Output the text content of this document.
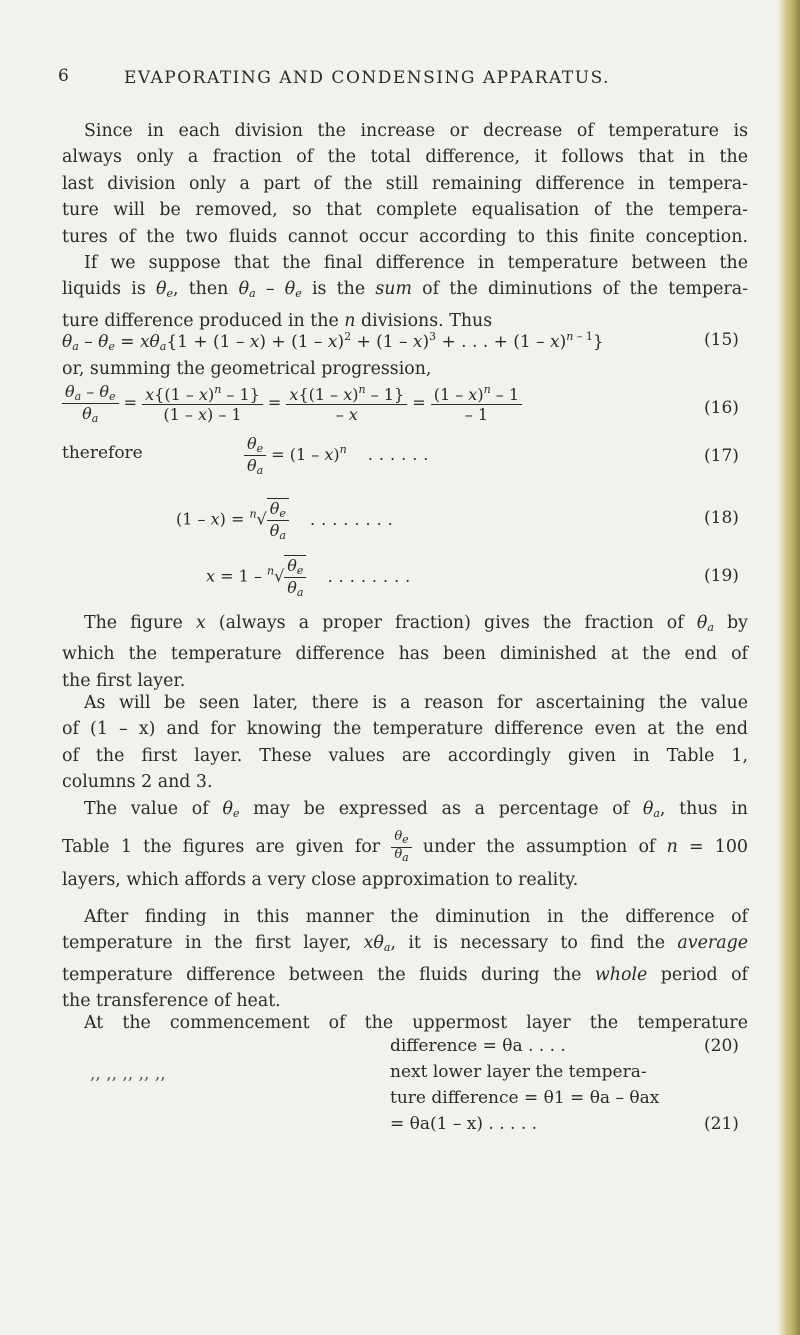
6	EVAPORATING AND CONDENSING APPARATUS.
Since in each division the increase or decrease of temperature is
always only a fraction of the total difference, it follows that in the
last division only a part of the still remaining difference in tempera-
ture will be removed, so that complete equalisation of the tempera-
tures of the two fluids cannot occur according to this finite conception.
If we suppose that the final difference in temperature between the
liquids is $\theta_e$, then $\theta_a - \theta_e$ is the sum of the diminutions of the tempera-
ture difference produced in the n divisions. Thus
$\theta_a - \theta_e = x\theta_a\{1 + (1 - x) + (1 - x)^2 + (1 - x)^3$ + . . . + (1 – x)$^{n - 1}$}	(15)
or, summing the geometrical progression,
$\frac{\theta_a - \theta_e}{\theta_a} = \frac{x\{(1 - x)^n - 1\}}{(1 - x) - 1} = \frac{x\{(1 - x)^n - 1\}}{- x} = \frac{(1 - x)^n - 1}{- 1}$	(16)
therefore	$\frac{\theta_e}{\theta_a} = (1 - x)^n$ ......	(17)
$(1 - x) = ^n√ \frac{\theta_e}{\theta_a}$ ........	(18)
$x = 1 - ^n√ \frac{\theta_e}{\theta_a}$ ........	(19)
The figure x (always a proper fraction) gives the fraction of $\theta_a$ by
which the temperature difference has been diminished at the end of
the first layer.
As will be seen later, there is a reason for ascertaining the value
of (1 – x) and for knowing the temperature difference even at the end
of the first layer. These values are accordingly given in Table 1,
columns 2 and 3.
The value of $\theta_e$ may be expressed as a percentage of $\theta_a$, thus in
Table 1 the figures are given for $\frac{\theta_e}{\theta_a}$ under the assumption of n = 100
layers, which affords a very close approximation to reality.
After finding in this manner the diminution in the difference of
temperature in the first layer, $x\theta_a$, it is necessary to find the average
temperature difference between the fluids during the whole period of
the transference of heat.
At the commencement of the uppermost layer the temperature
difference = θa . . . .	(20)
,, ,, ,, ,, ,,	next lower layer the tempera-
ture difference = θ1 = θa – θax
= θa(1 – x) . . . . .	(21)
